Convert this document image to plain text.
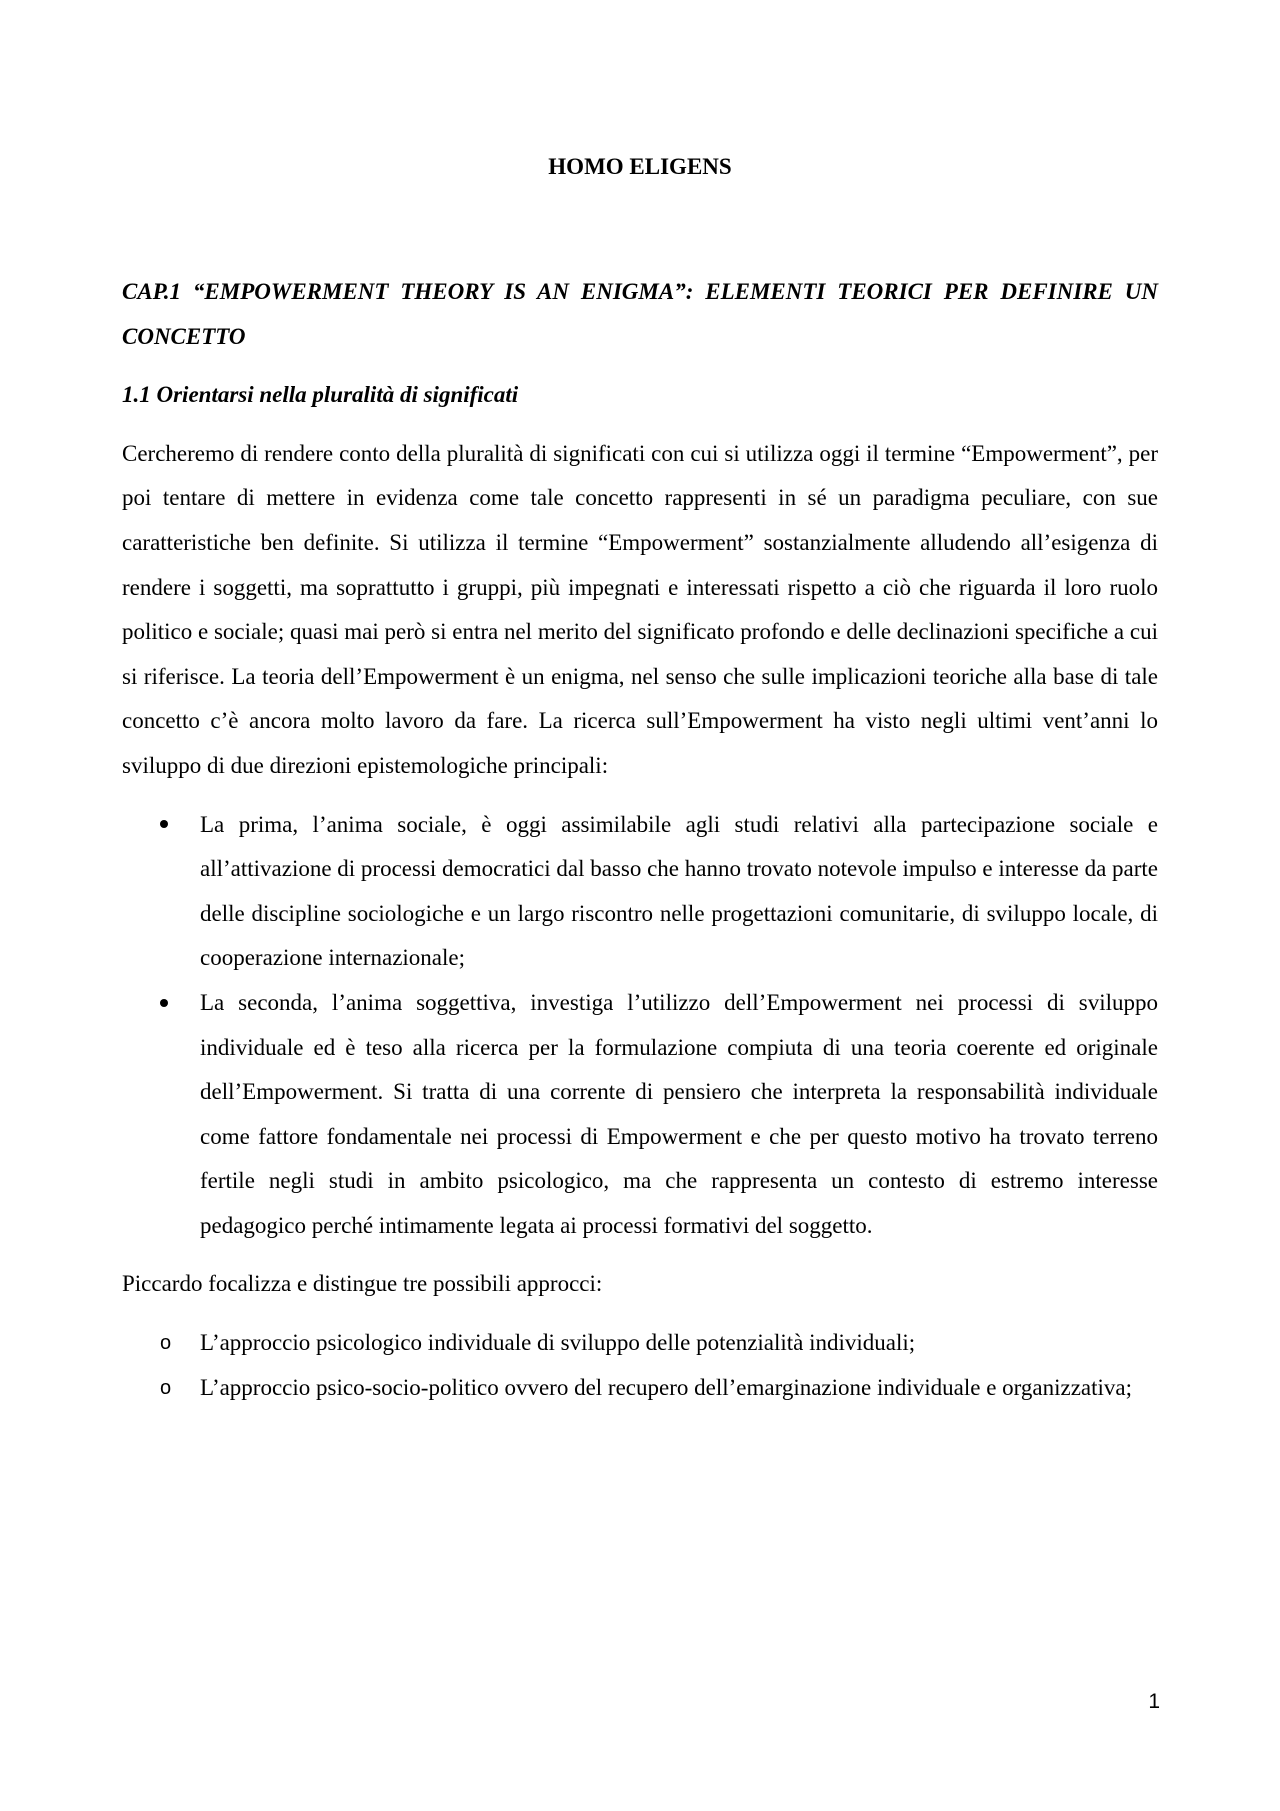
HOMO ELIGENS
CAP.1 “EMPOWERMENT THEORY IS AN ENIGMA”: ELEMENTI TEORICI PER DEFINIRE UN CONCETTO
1.1 Orientarsi nella pluralità di significati

Cercheremo di rendere conto della pluralità di significati con cui si utilizza oggi il termine “Empowerment”, per poi tentare di mettere in evidenza come tale concetto rappresenti in sé un paradigma peculiare, con sue caratteristiche ben definite. Si utilizza il termine “Empowerment” sostanzialmente alludendo all’esigenza di rendere i soggetti, ma soprattutto i gruppi, più impegnati e interessati rispetto a ciò che riguarda il loro ruolo politico e sociale; quasi mai però si entra nel merito del significato profondo e delle declinazioni specifiche a cui si riferisce. La teoria dell’Empowerment è un enigma, nel senso che sulle implicazioni teoriche alla base di tale concetto c’è ancora molto lavoro da fare. La ricerca sull’Empowerment ha visto negli ultimi vent’anni lo sviluppo di due direzioni epistemologiche principali:

La prima, l’anima sociale, è oggi assimilabile agli studi relativi alla partecipazione sociale e all’attivazione di processi democratici dal basso che hanno trovato notevole impulso e interesse da parte delle discipline sociologiche e un largo riscontro nelle progettazioni comunitarie, di sviluppo locale, di cooperazione internazionale;
La seconda, l’anima soggettiva, investiga l’utilizzo dell’Empowerment nei processi di sviluppo individuale ed è teso alla ricerca per la formulazione compiuta di una teoria coerente ed originale dell’Empowerment. Si tratta di una corrente di pensiero che interpreta la responsabilità individuale come fattore fondamentale nei processi di Empowerment e che per questo motivo ha trovato terreno fertile negli studi in ambito psicologico, ma che rappresenta un contesto di estremo interesse pedagogico perché intimamente legata ai processi formativi del soggetto.

Piccardo focalizza e distingue tre possibili approcci:

o	L’approccio psicologico individuale di sviluppo delle potenzialità individuali;
o	L’approccio psico-socio-politico ovvero del recupero dell’emarginazione individuale e organizzativa;

1
